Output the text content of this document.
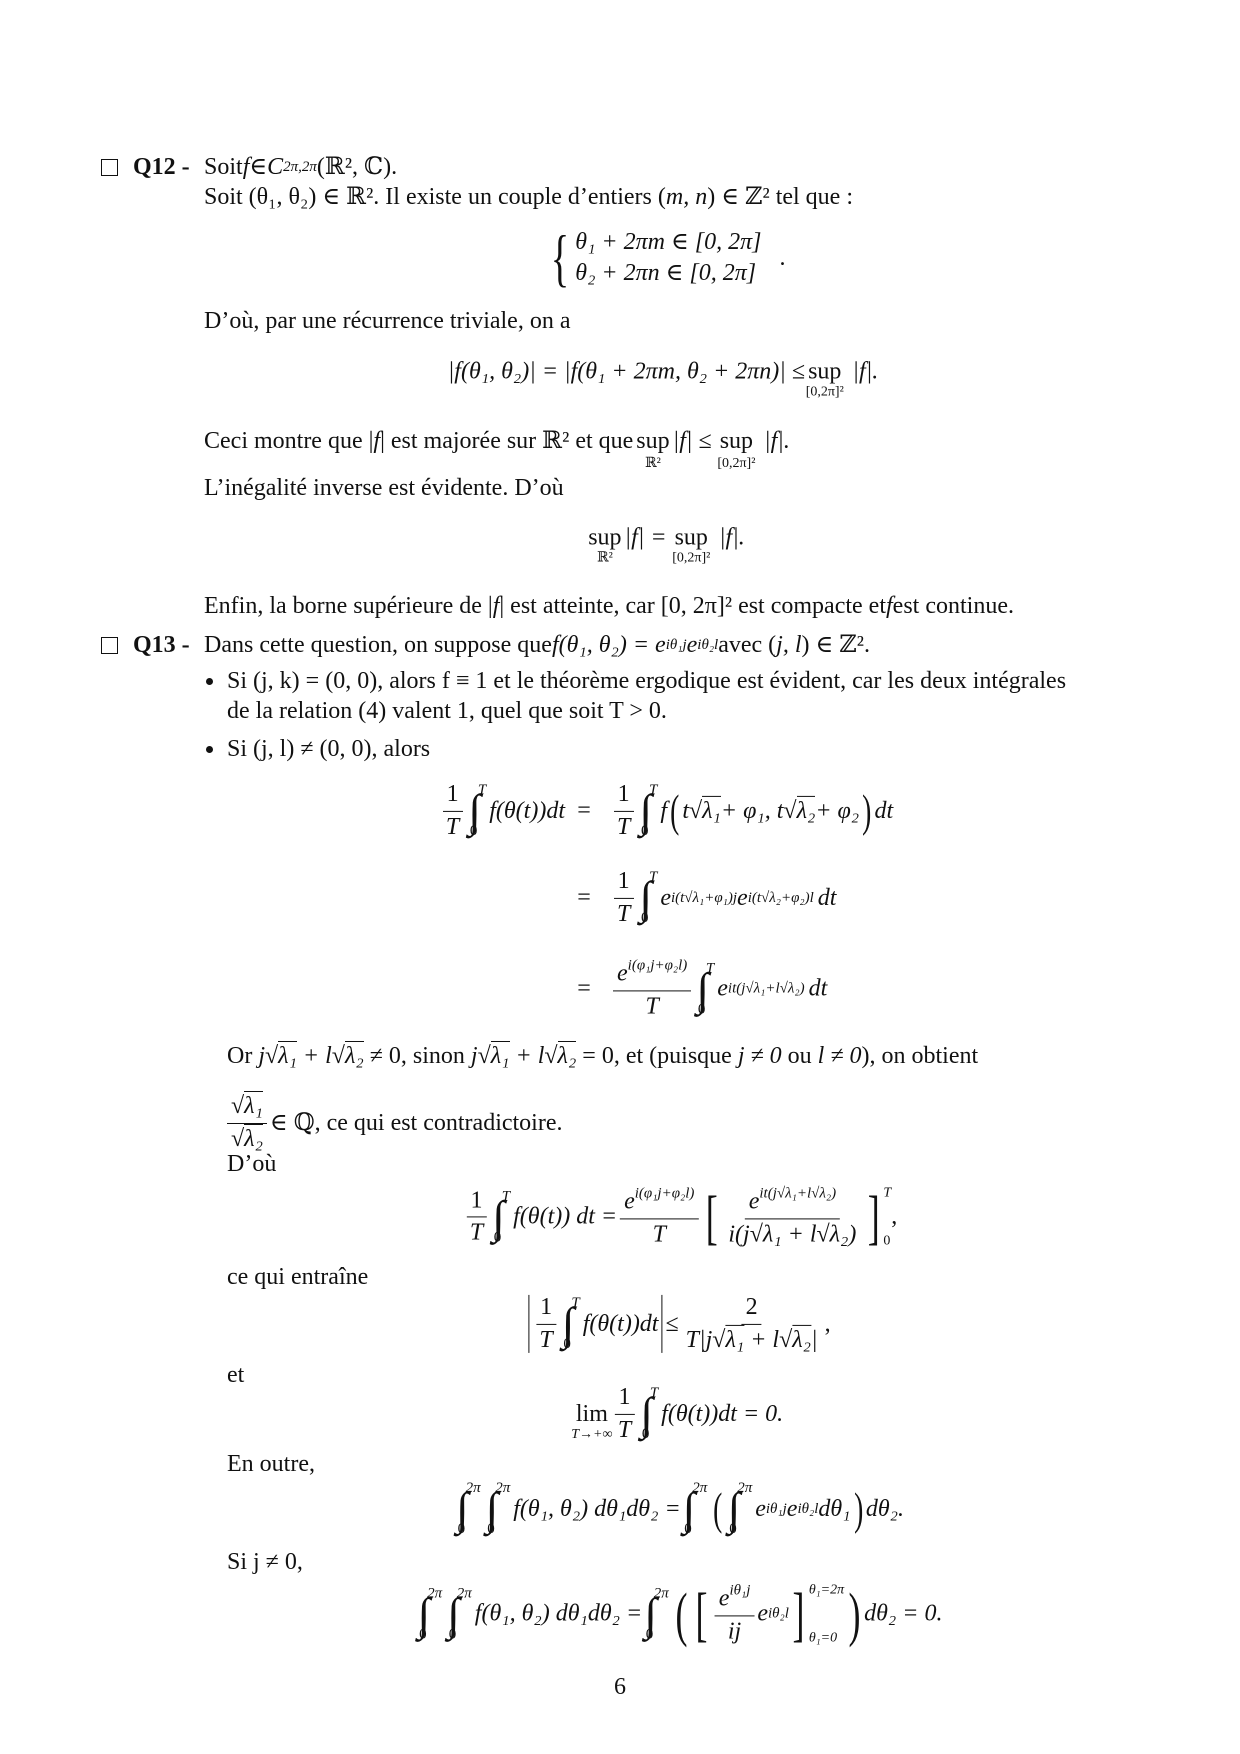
Q12 - Soit f ∈ C 2π,2π (ℝ², ℂ).
Soit (θ₁, θ₂) ∈ ℝ². Il existe un couple d’entiers ( m, n ) ∈ ℤ² tel que :
{
θ₁ + 2πm ∈ [0, 2π]
θ₂ + 2πn ∈ [0, 2π]
.
D’où, par une récurrence triviale, on a
|f(θ₁, θ₂)| = |f(θ₁ + 2πm, θ₂ + 2πn)| ≤ sup
[0,2π]²
|f|.
Ceci montre que | f | est majorée sur ℝ² et que sup
ℝ²
|f| ≤ sup
[0,2π]²
|f|.
L’inégalité inverse est évidente. D’où
sup
ℝ²
|f| = sup
[0,2π]²
|f|.
Enfin, la borne supérieure de | f | est atteinte, car [0, 2π]² est compacte et f est continue.
Q13 - Dans cette question, on suppose que f(θ₁, θ₂) = e iθ₁j e iθ₂l avec ( j, l ) ∈ ℤ².
Si (j, k) = (0, 0), alors f ≡ 1 et le théorème ergodique est évident, car les deux intégrales
de la relation (4) valent 1, quel que soit T > 0.
Si (j, l) ≠ (0, 0), alors
$\frac{1}{T}$ ∫ T
0
$f(\theta(t))dt = \frac{1}{T}$ ∫ T
0
f ( t √ λ₁ + φ₁, t √ λ₂ + φ₂ ) dt
= $\frac{1}{T}$ ∫ T
0
e i(t√λ₁+φ₁)j e i(t√λ₂+φ₂)l dt
= $\frac{e^{i(\varphi_1j+\varphi_2l)}}{T}$ ∫ T
0
e it(j√λ₁+l√λ₂) dt
Or j √ λ₁ + l √ λ₂ ≠ 0, sinon j √ λ₁ + l √ λ₂ = 0, et (puisque j ≠ 0 ou l ≠ 0), on obtient
√ λ₁
√ λ₂ ∈ ℚ, ce qui est contradictoire.
D’où
$\frac{1}{T}$ ∫ T
0
f(θ(t)) dt = $\frac{e^{i(\varphi_1j+\varphi_2l)}}{T}$ [ $\frac{e^{it(j√\lambda_1+l√\lambda_2)}}{\text{i(j√λ₁ + l√λ₂)}}$ ] T
0
,
ce qui entraîne
$\frac{1}{T}$ ∫ T
0
$f(\theta(t))dt \le \frac{2}{\text{T|j √ λ₁ + l √ λ₂|}}$ ,
et
lim
$T\to+\infty \frac{1}{T}$ ∫ T
0
f(θ(t))dt = 0.
En outre,
∫
2π
0
∫
2π
0
f(θ₁, θ₂) dθ₁dθ₂ =
∫
2π
0
(
∫
2π
0
e iθ₁j e iθ₂l dθ₁ ) dθ₂.
Si j ≠ 0,
∫
2π
0
∫
2π
0
f(θ₁, θ₂) dθ₁dθ₂ =
∫
2π
0 ( [	$\frac{e^{i\theta_1j}}{ij}$ e iθ₂l
]
θ₁=2π
θ₁=0
)
dθ₂ = 0.
6
